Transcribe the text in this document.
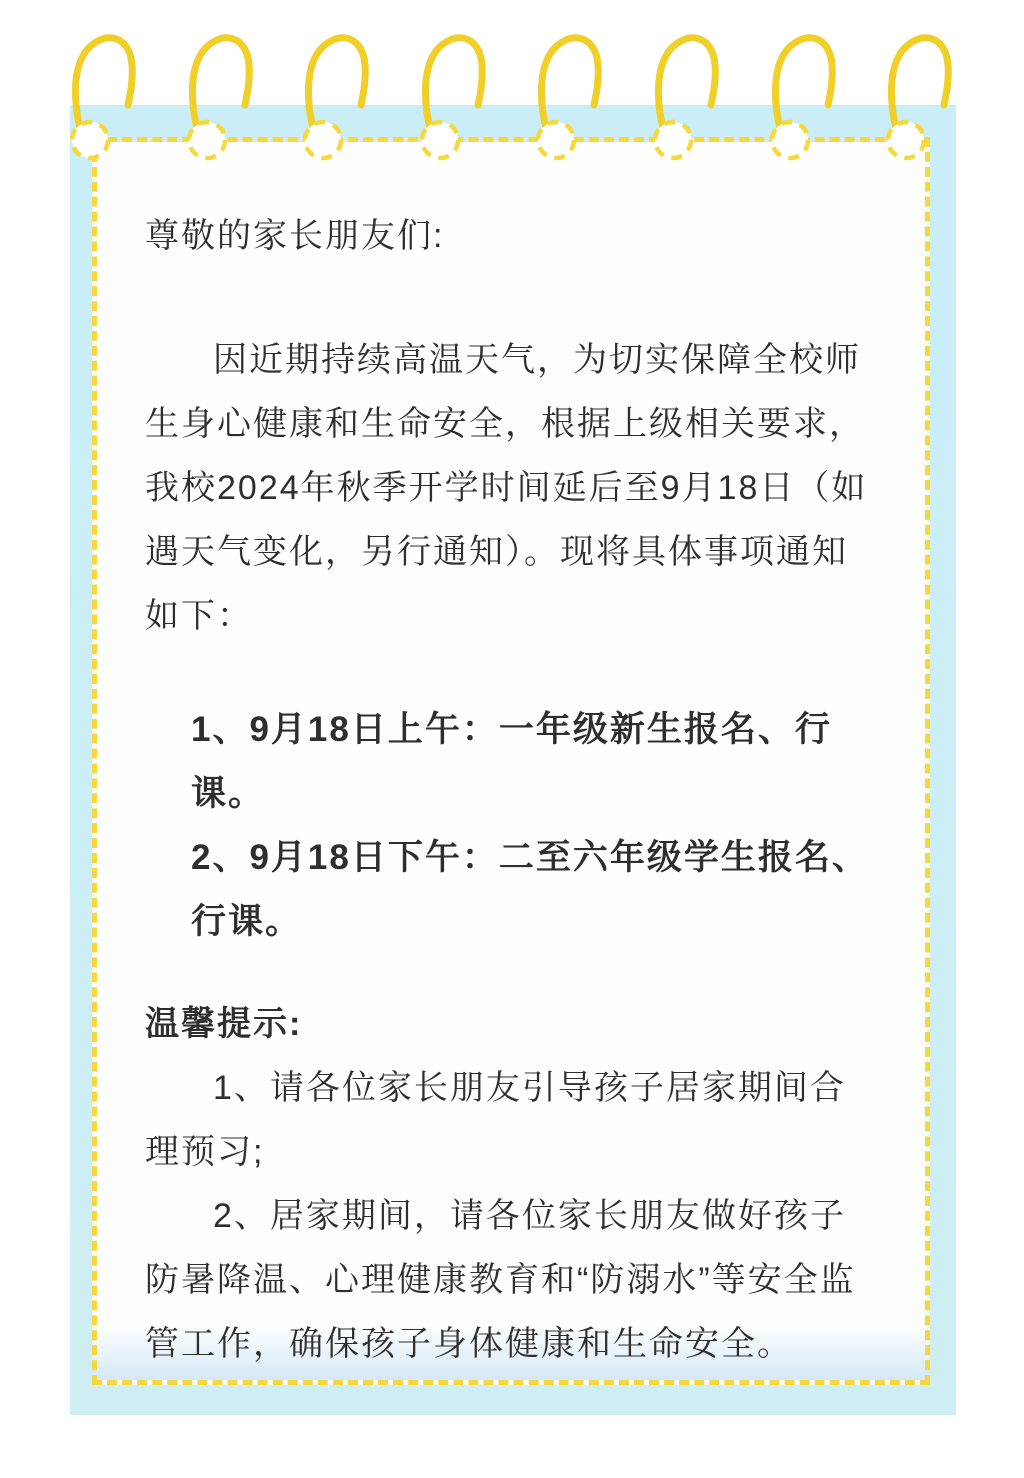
尊敬的家长朋友们:

因近期持续高温天气，为切实保障全校师生身心健康和生命安全，根据上级相关要求，我校2024年秋季开学时间延后至9月18日（如遇天气变化，另行通知）。现将具体事项通知如下：

1、9月18日上午：一年级新生报名、行课。

2、9月18日下午：二至六年级学生报名、行课。

温馨提示:

1、请各位家长朋友引导孩子居家期间合理预习;

2、居家期间，请各位家长朋友做好孩子防暑降温、心理健康教育和“防溺水”等安全监管工作，确保孩子身体健康和生命安全。
